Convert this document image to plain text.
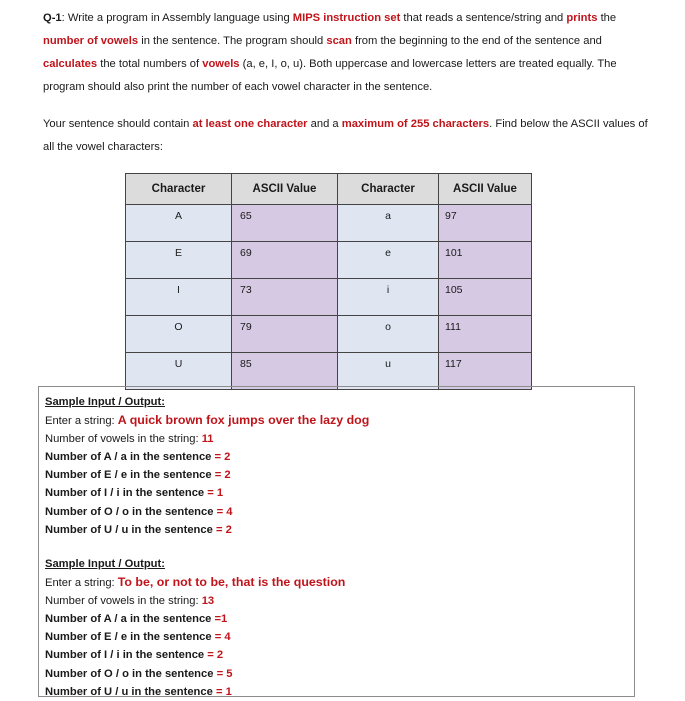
Q-1: Write a program in Assembly language using MIPS instruction set that reads a sentence/string and prints the number of vowels in the sentence. The program should scan from the beginning to the end of the sentence and calculates the total numbers of vowels (a, e, I, o, u). Both uppercase and lowercase letters are treated equally. The program should also print the number of each vowel character in the sentence.

Your sentence should contain at least one character and a maximum of 255 characters. Find below the ASCII values of all the vowel characters:

Character	ASCII Value	Character	ASCII Value
A	65	a	97
E	69	e	101
I	73	i	105
O	79	o	111
U	85	u	117
Sample Input / Output:
Enter a string: A quick brown fox jumps over the lazy dog
Number of vowels in the string: 11
Number of A / a in the sentence = 2
Number of E / e in the sentence = 2
Number of I / i in the sentence = 1
Number of O / o in the sentence = 4
Number of U / u in the sentence = 2
Sample Input / Output:
Enter a string: To be, or not to be, that is the question
Number of vowels in the string: 13
Number of A / a in the sentence =1
Number of E / e in the sentence = 4
Number of I / i in the sentence = 2
Number of O / o in the sentence = 5
Number of U / u in the sentence = 1
